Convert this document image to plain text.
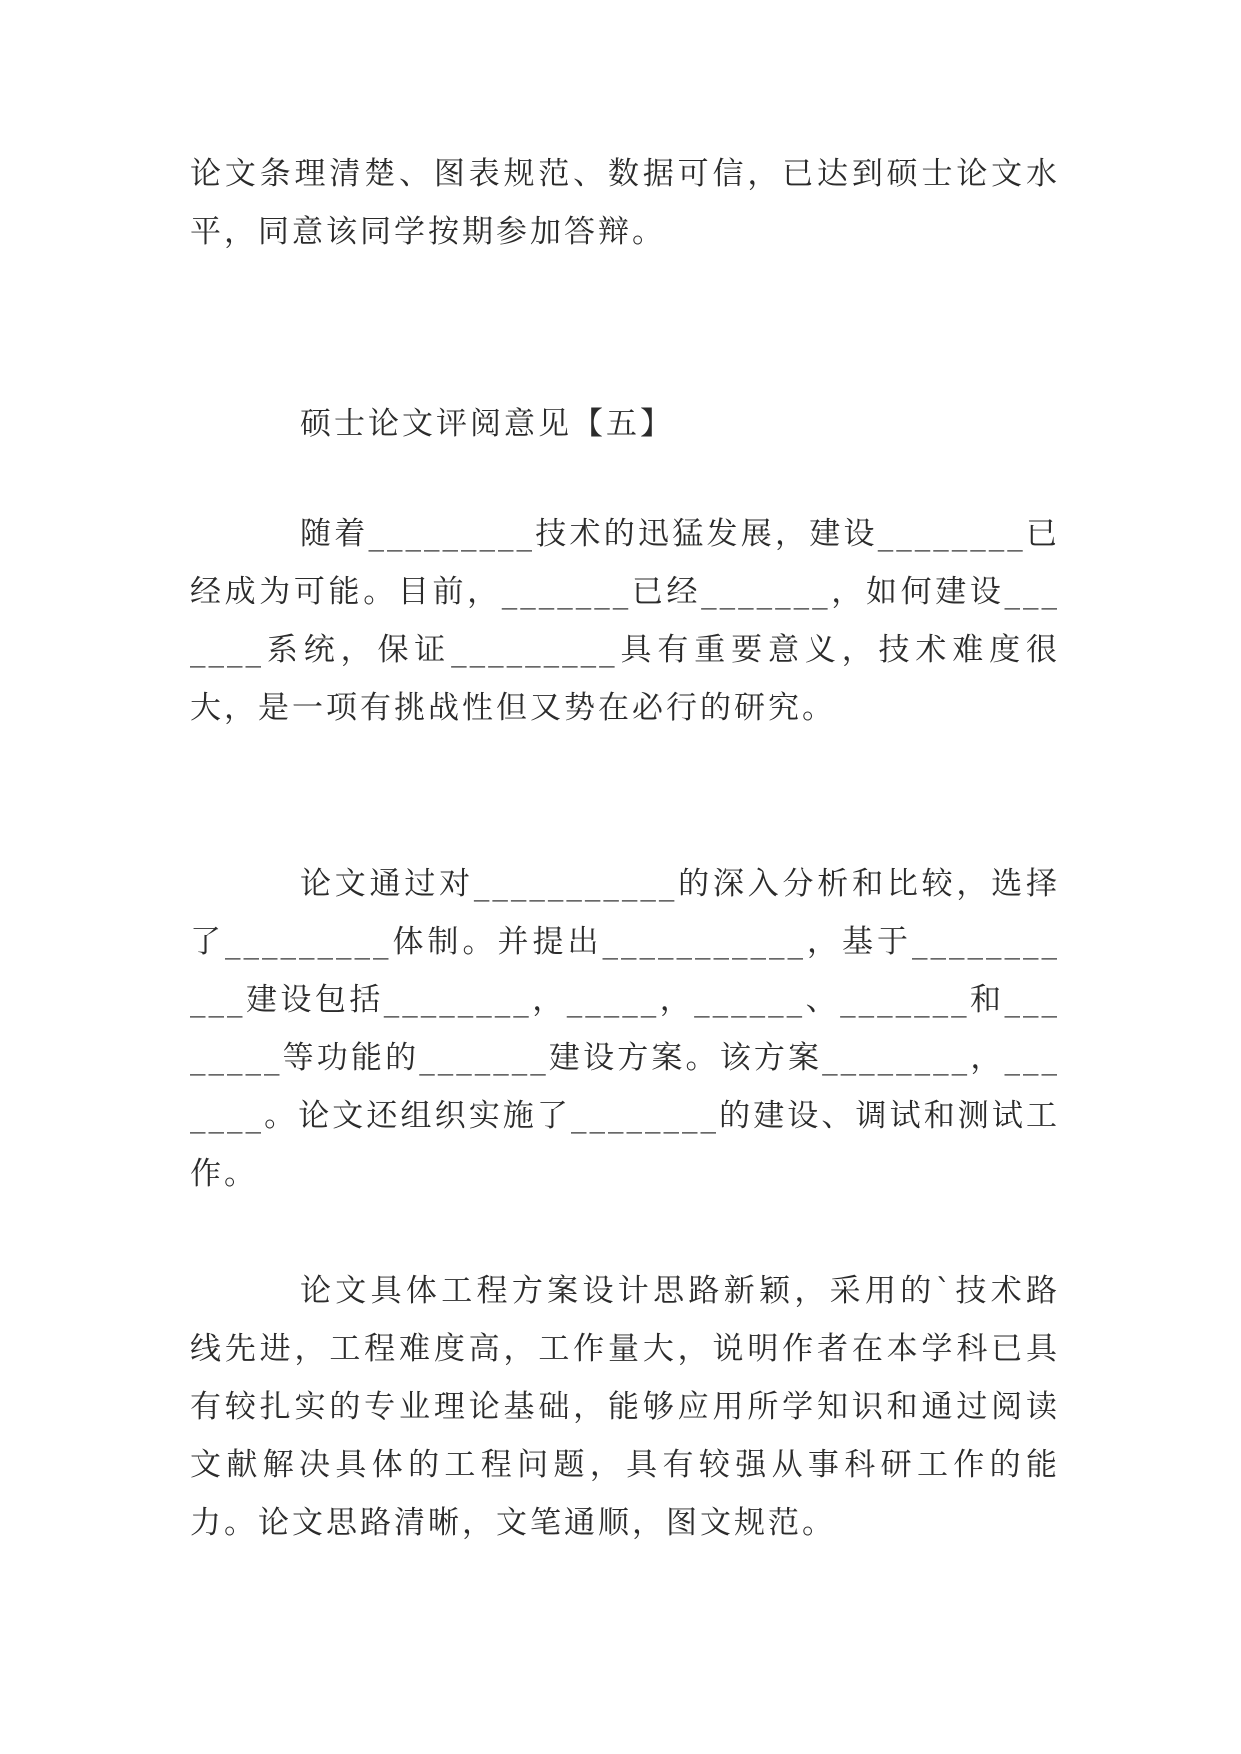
论文条理清楚、图表规范、数据可信，已达到硕士论文水平，同意该同学按期参加答辩。

硕士论文评阅意见【五】

随着_________技术的迅猛发展，建设________已经成为可能。目前，_______已经_______，如何建设_______系统，保证_________具有重要意义，技术难度很大，是一项有挑战性但又势在必行的研究。

论文通过对___________的深入分析和比较，选择了_________体制。并提出___________，基于___________建设包括________，_____，______、_______和________等功能的_______建设方案。该方案________，_______。论文还组织实施了________的建设、调试和测试工作。

论文具体工程方案设计思路新颖，采用的`技术路线先进，工程难度高，工作量大，说明作者在本学科已具有较扎实的专业理论基础，能够应用所学知识和通过阅读文献解决具体的工程问题，具有较强从事科研工作的能力。论文思路清晰，文笔通顺，图文规范。
